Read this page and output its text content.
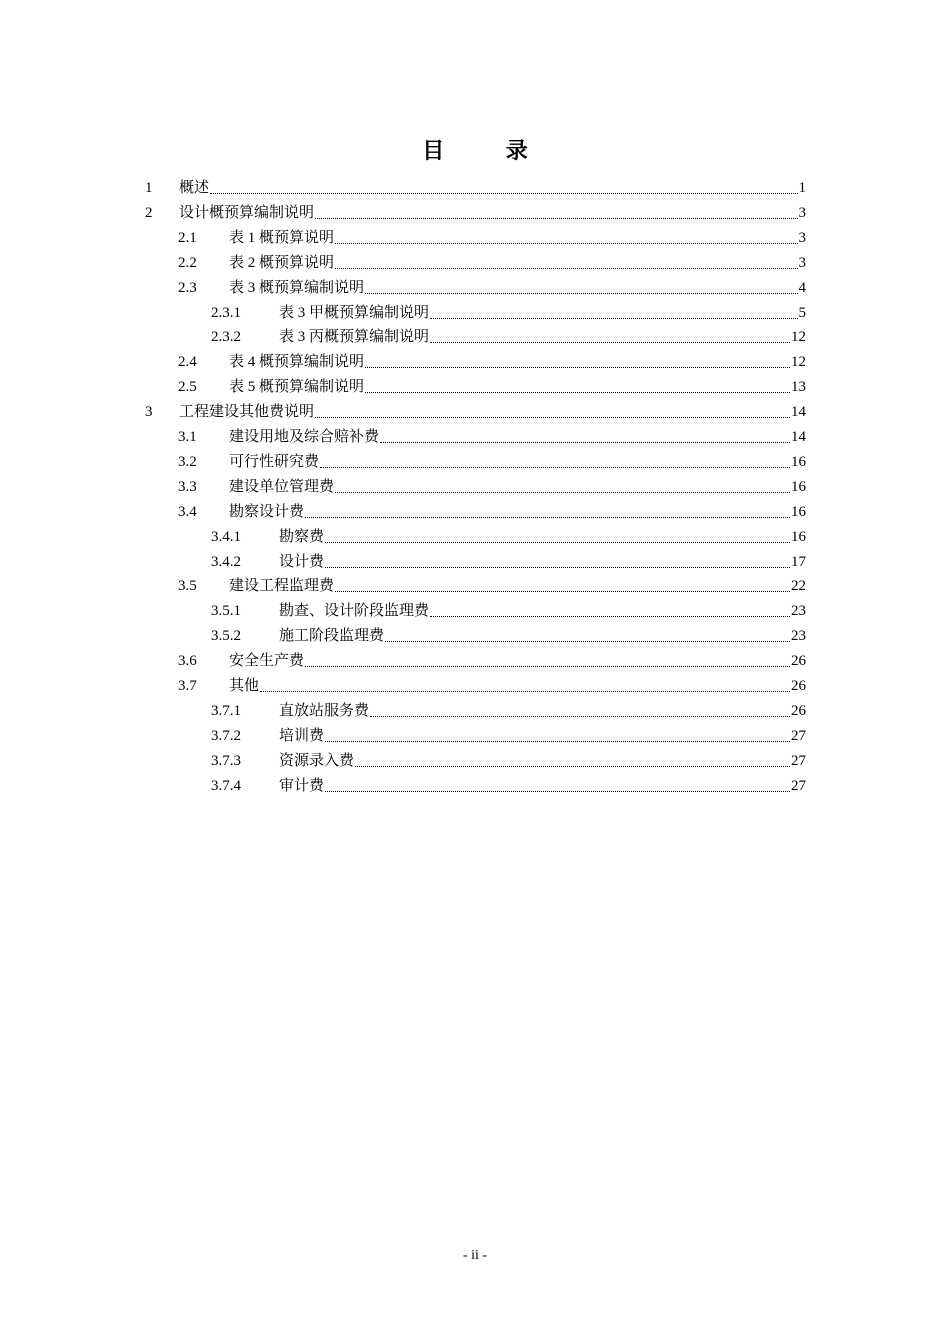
目 录
1 概述	1
2 设计概预算编制说明	3
2.1 表 1 概预算说明	3
2.2 表 2 概预算说明	3
2.3 表 3 概预算编制说明	4
2.3.1	表 3 甲概预算编制说明	5
2.3.2	表 3 丙概预算编制说明	12
2.4 表 4 概预算编制说明	12
2.5 表 5 概预算编制说明	13
3 工程建设其他费说明	14
3.1 建设用地及综合赔补费	14
3.2 可行性研究费	16
3.3 建设单位管理费	16
3.4 勘察设计费	16
3.4.1	勘察费	16
3.4.2	设计费	17
3.5 建设工程监理费	22
3.5.1	勘查、设计阶段监理费	23
3.5.2	施工阶段监理费	23
3.6 安全生产费	26
3.7 其他	26
3.7.1	直放站服务费	26
3.7.2	培训费	27
3.7.3	资源录入费	27
3.7.4	审计费	27
- ii -
